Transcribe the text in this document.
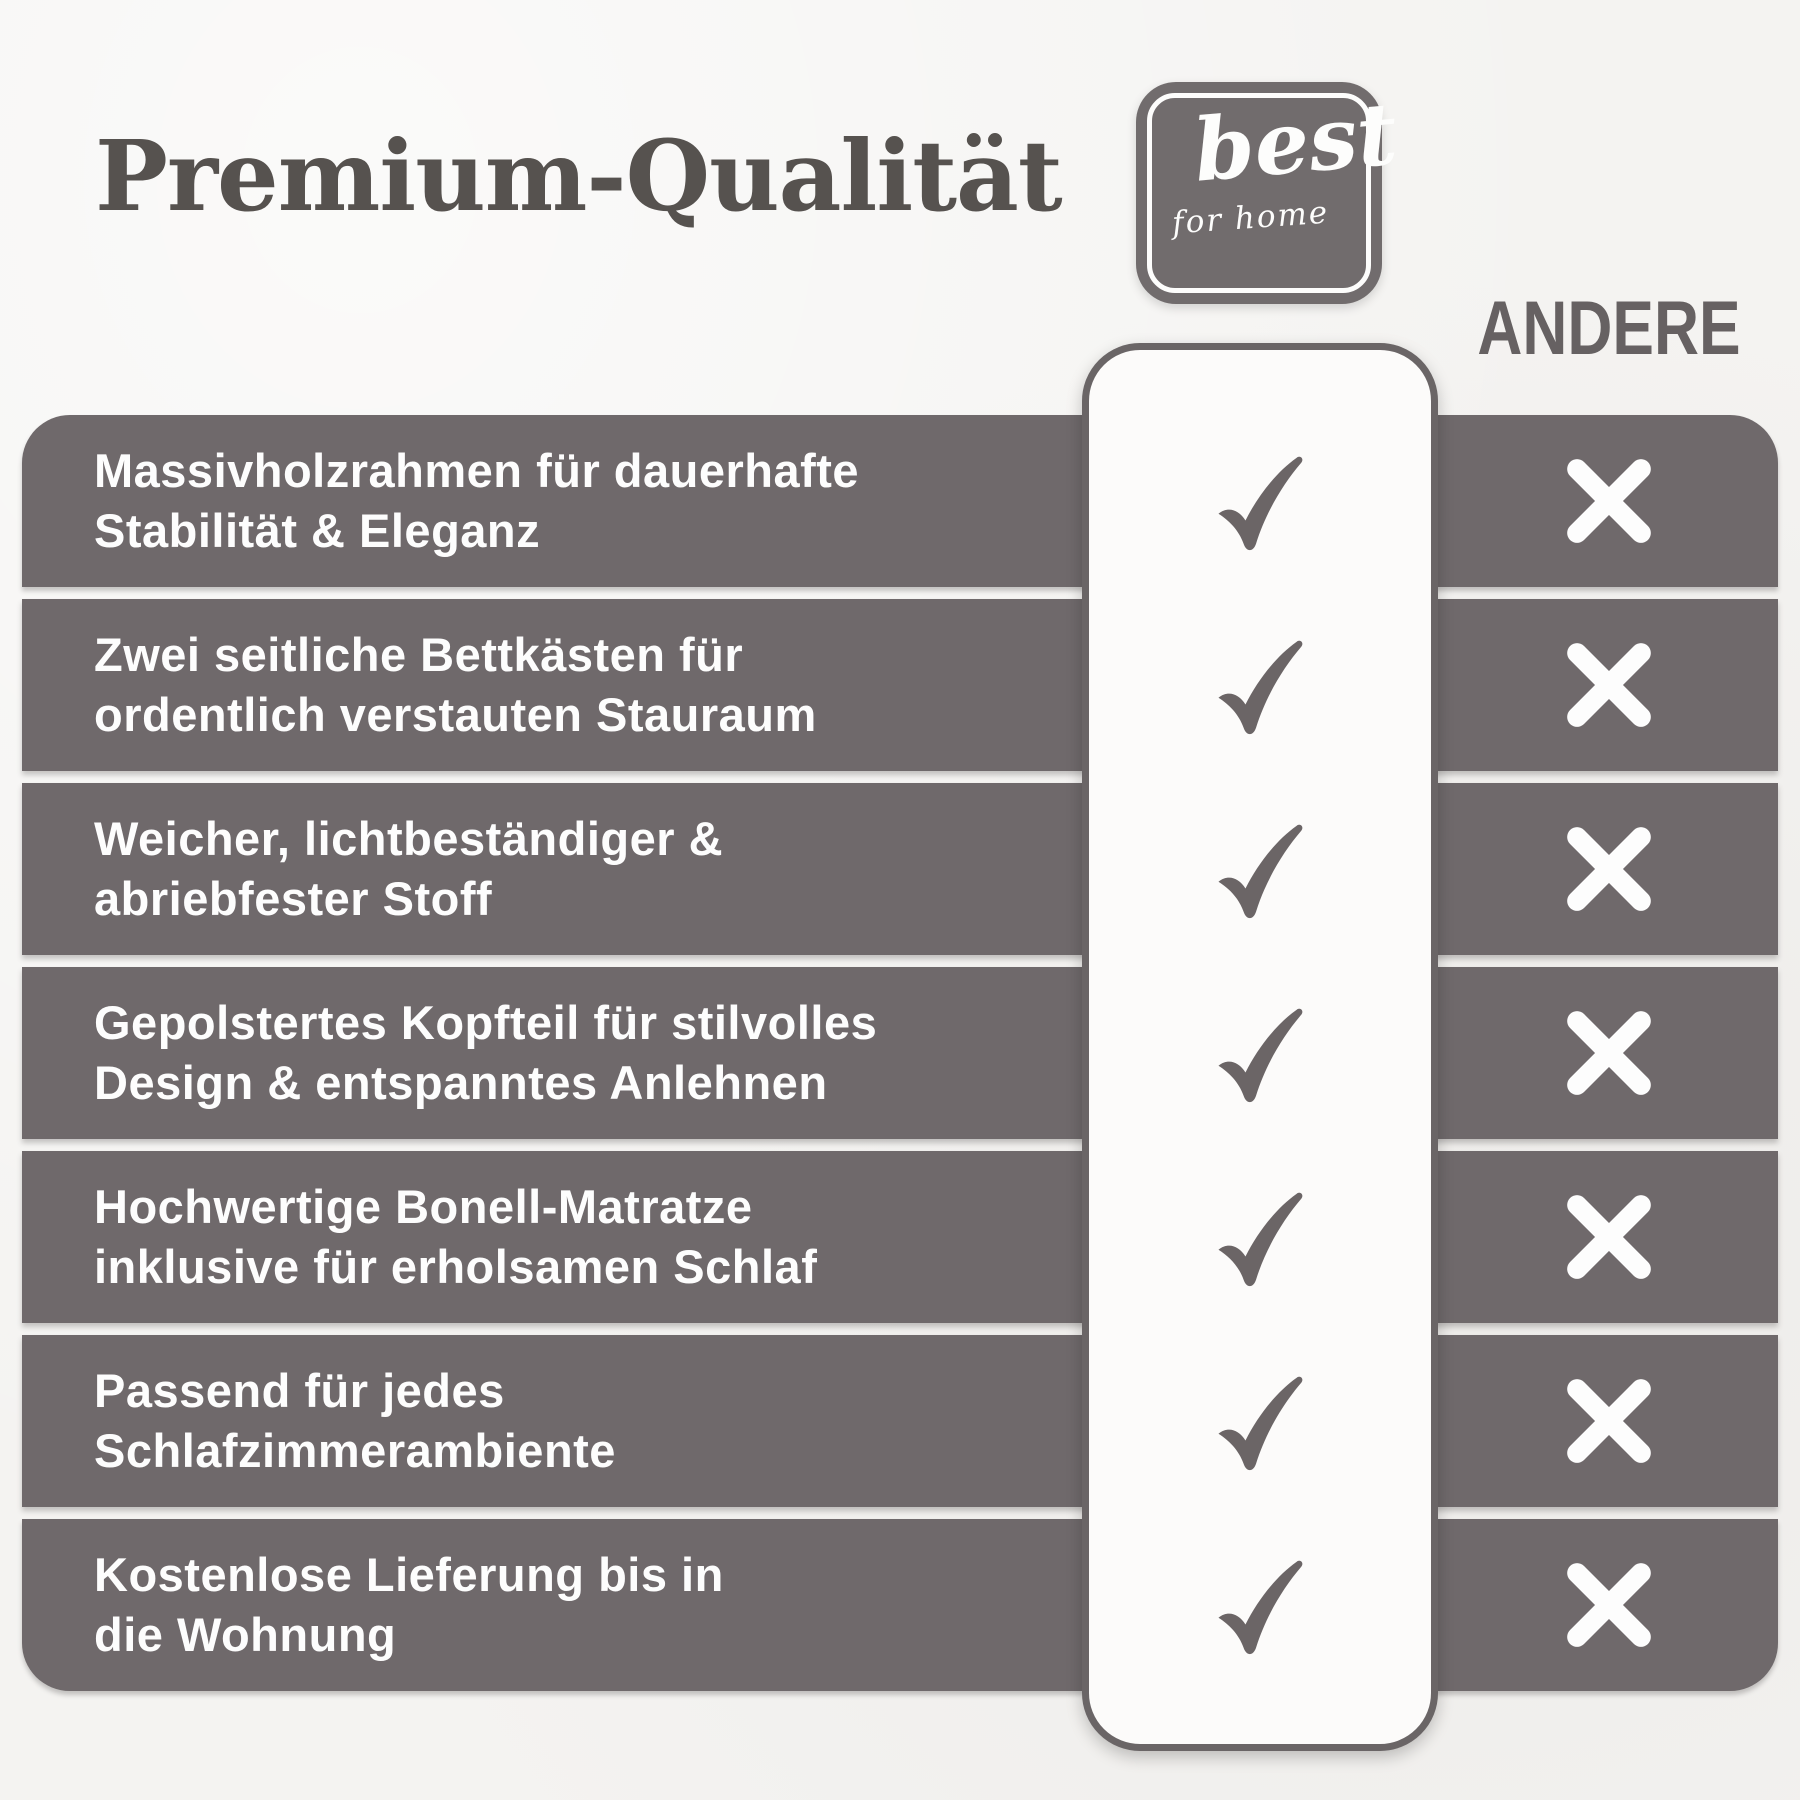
Premium-Qualität best
for home
ANDERE
Massivholzrahmen für dauerhafte
Stabilität & Eleganz
Zwei seitliche Bettkästen für
ordentlich verstauten Stauraum
Weicher, lichtbeständiger &
abriebfester Stoff
Gepolstertes Kopfteil für stilvolles
Design & entspanntes Anlehnen
Hochwertige Bonell-Matratze
inklusive für erholsamen Schlaf
Passend für jedes
Schlafzimmerambiente
Kostenlose Lieferung bis in
die Wohnung
